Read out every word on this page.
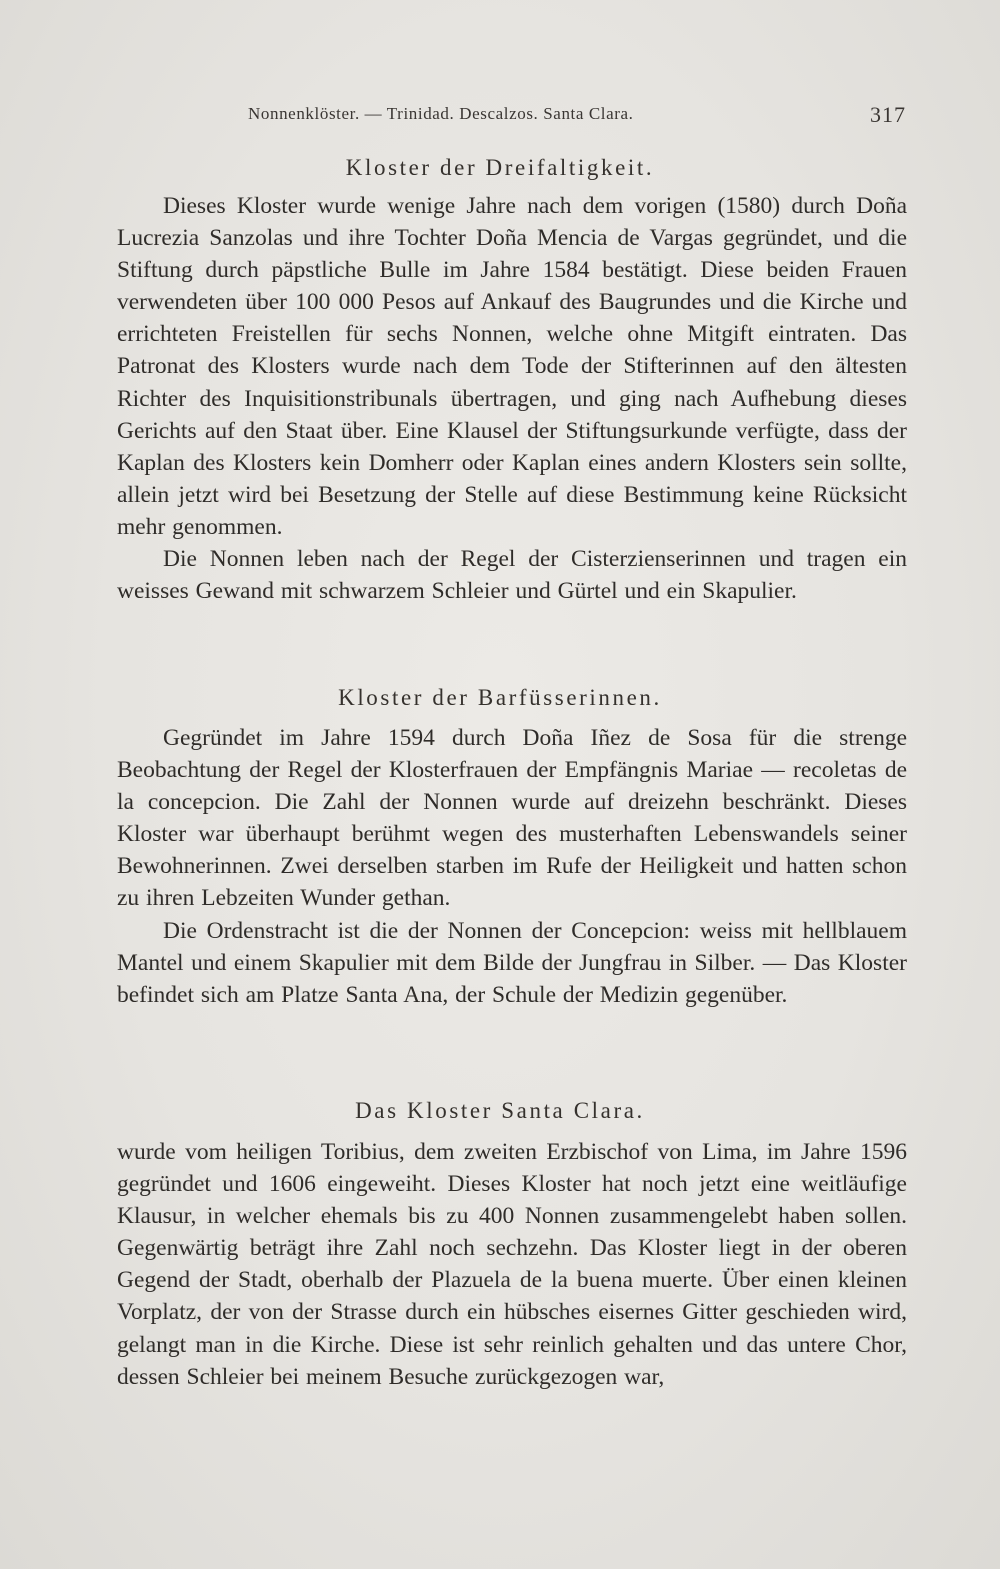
Nonnenklöster. — Trinidad. Descalzos. Santa Clara.	317
Kloster der Dreifaltigkeit.

Dieses Kloster wurde wenige Jahre nach dem vorigen (1580) durch Doña Lucrezia Sanzolas und ihre Tochter Doña Mencia de Vargas gegründet, und die Stiftung durch päpstliche Bulle im Jahre 1584 bestätigt. Diese beiden Frauen verwendeten über 100 000 Pesos auf Ankauf des Baugrundes und die Kirche und errichteten Freistellen für sechs Nonnen, welche ohne Mitgift eintraten. Das Patronat des Klosters wurde nach dem Tode der Stifterinnen auf den ältesten Richter des Inquisitionstribunals übertragen, und ging nach Aufhebung dieses Gerichts auf den Staat über. Eine Klausel der Stiftungsurkunde verfügte, dass der Kaplan des Klosters kein Domherr oder Kaplan eines andern Klosters sein sollte, allein jetzt wird bei Besetzung der Stelle auf diese Bestimmung keine Rücksicht mehr genommen.

Die Nonnen leben nach der Regel der Cisterzienserinnen und tragen ein weisses Gewand mit schwarzem Schleier und Gürtel und ein Skapulier.

Kloster der Barfüsserinnen.

Gegründet im Jahre 1594 durch Doña Iñez de Sosa für die strenge Beobachtung der Regel der Klosterfrauen der Empfängnis Mariae — recoletas de la concepcion. Die Zahl der Nonnen wurde auf dreizehn beschränkt. Dieses Kloster war überhaupt berühmt wegen des musterhaften Lebenswandels seiner Bewohnerinnen. Zwei derselben starben im Rufe der Heiligkeit und hatten schon zu ihren Lebzeiten Wunder gethan.

Die Ordenstracht ist die der Nonnen der Concepcion: weiss mit hellblauem Mantel und einem Skapulier mit dem Bilde der Jungfrau in Silber. — Das Kloster befindet sich am Platze Santa Ana, der Schule der Medizin gegenüber.

Das Kloster Santa Clara.

wurde vom heiligen Toribius, dem zweiten Erzbischof von Lima, im Jahre 1596 gegründet und 1606 eingeweiht. Dieses Kloster hat noch jetzt eine weitläufige Klausur, in welcher ehemals bis zu 400 Nonnen zusammengelebt haben sollen. Gegenwärtig beträgt ihre Zahl noch sechzehn. Das Kloster liegt in der oberen Gegend der Stadt, oberhalb der Plazuela de la buena muerte. Über einen kleinen Vorplatz, der von der Strasse durch ein hübsches eisernes Gitter geschieden wird, gelangt man in die Kirche. Diese ist sehr reinlich gehalten und das untere Chor, dessen Schleier bei meinem Besuche zurückgezogen war,
